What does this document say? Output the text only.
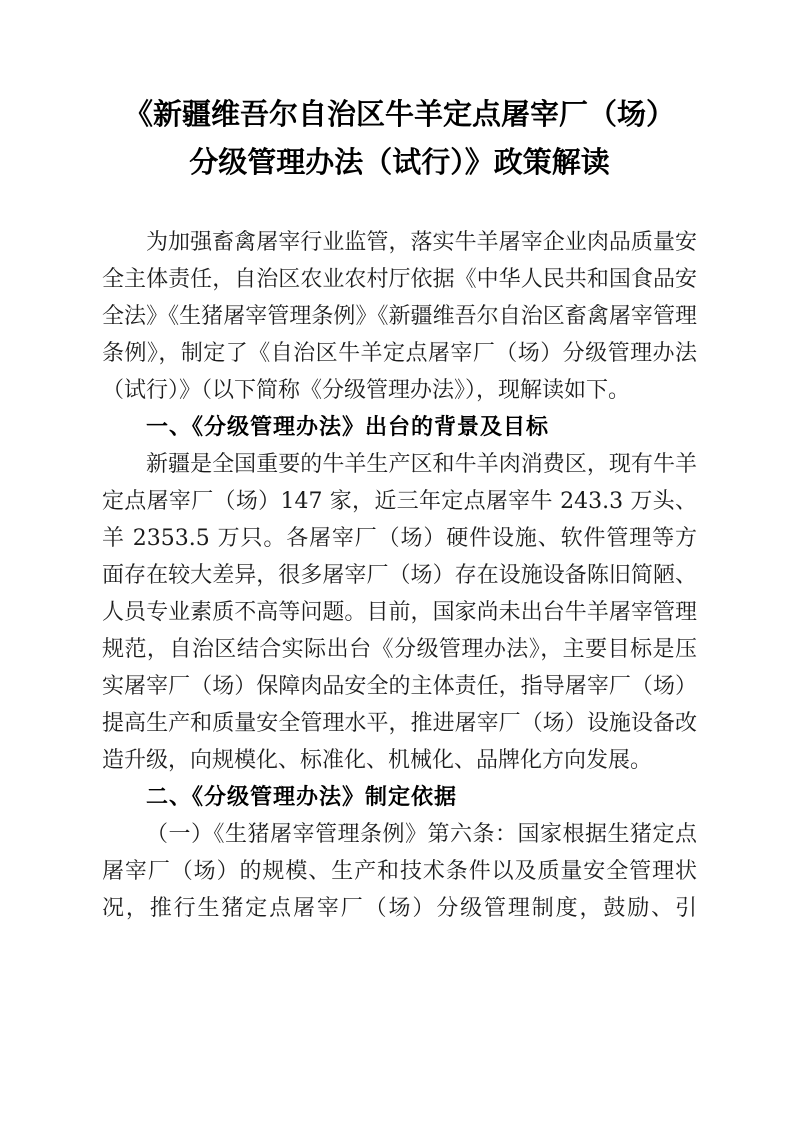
《新疆维吾尔自治区牛羊定点屠宰厂（场）
分级管理办法（试行）》政策解读

为加强畜禽屠宰行业监管，落实牛羊屠宰企业肉品质量安全主体责任，自治区农业农村厅依据《中华人民共和国食品安全法》《生猪屠宰管理条例》《新疆维吾尔自治区畜禽屠宰管理条例》，制定了《自治区牛羊定点屠宰厂（场）分级管理办法（试行）》（以下简称《分级管理办法》），现解读如下。

一、《分级管理办法》出台的背景及目标

新疆是全国重要的牛羊生产区和牛羊肉消费区，现有牛羊定点屠宰厂（场）147 家，近三年定点屠宰牛 243.3 万头、羊 2353.5 万只。各屠宰厂（场）硬件设施、软件管理等方面存在较大差异，很多屠宰厂（场）存在设施设备陈旧简陋、人员专业素质不高等问题。目前，国家尚未出台牛羊屠宰管理规范，自治区结合实际出台《分级管理办法》，主要目标是压实屠宰厂（场）保障肉品安全的主体责任，指导屠宰厂（场）提高生产和质量安全管理水平，推进屠宰厂（场）设施设备改造升级，向规模化、标准化、机械化、品牌化方向发展。

二、《分级管理办法》制定依据

（一）《生猪屠宰管理条例》第六条：国家根据生猪定点屠宰厂（场）的规模、生产和技术条件以及质量安全管理状况，推行生猪定点屠宰厂（场）分级管理制度，鼓励、引
